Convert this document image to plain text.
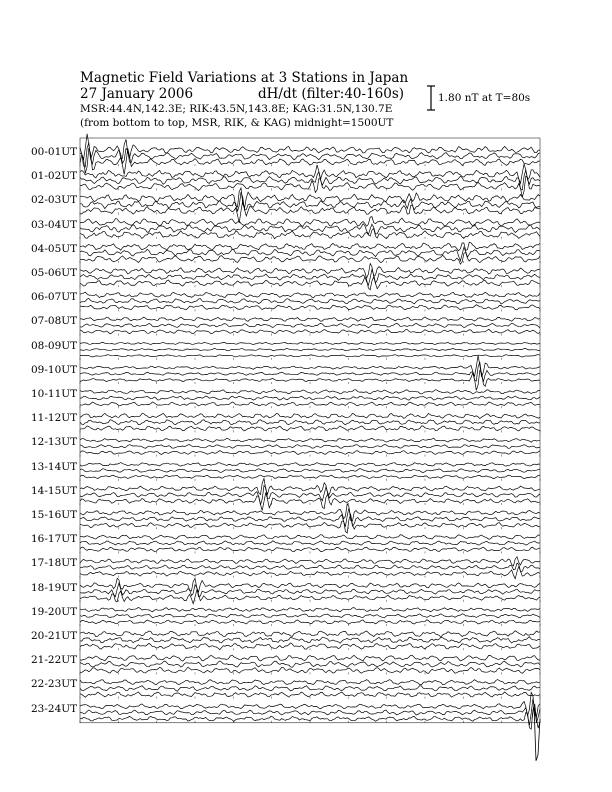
Magnetic Field Variations at 3 Stations in Japan
27 January 2006	dH/dt (filter:40-160s)
MSR:44.4N,142.3E; RIK:43.5N,143.8E; KAG:31.5N,130.7E
(from bottom to top, MSR, RIK, & KAG) midnight=1500UT
1.80 nT at T=80s
00-01UT
01-02UT
02-03UT
03-04UT
04-05UT
05-06UT
06-07UT
07-08UT
08-09UT
09-10UT
10-11UT
11-12UT
12-13UT
13-14UT
14-15UT
15-16UT
16-17UT
17-18UT
18-19UT
19-20UT
20-21UT
21-22UT
22-23UT
23-24UT
